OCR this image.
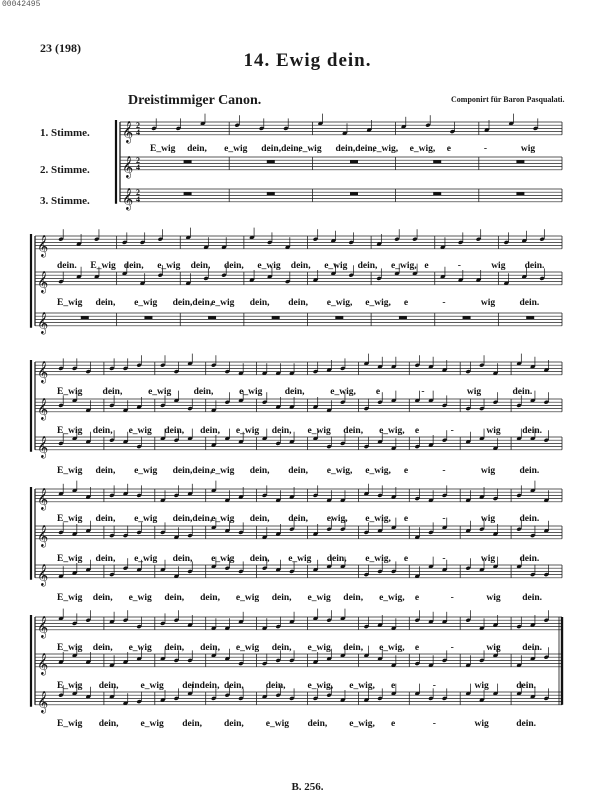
00042495
23 (198)
14. Ewig dein.
Dreistimmiger Canon.	Componirt für Baron Pasqualati.
1. Stimme.
2. Stimme.
3. Stimme.
𝄞 2
4
E_wig dein, e_wig dein,dein,
e_wig dein,dein,
e_wig, e_wig, e	-	wig
𝄞 2
4
𝄞 2
4
𝄞
dein. E_wig dein, e_wig dein, dein, e_wig dein, e_wig dein, e_wig, e	-	wig dein.
𝄞
E_wig dein, e_wig dein,dein,
e_wig dein, dein, e_wig, e_wig, e	-	wig	dein.
𝄞
𝄞
E_wig dein,	e_wig dein,	e_wig dein,	e_wig, e	-	wig	dein.
𝄞
E_wig dein, e_wig dein, dein, e_wig dein, e_wig dein, e_wig, e	-	wig dein.
𝄞
E_wig dein, e_wig dein,dein,
e_wig dein, dein, e_wig, e_wig, e	-	wig	dein.
𝄞
E_wig dein, e_wig dein,dein,
e_wig dein, dein, ewig, e_wig, e	-	wig	dein.
𝄞
E_wig dein, e_wig dein, e_wig dein, e_wig dein, e_wig, e	-	wig	dein.
𝄞
E_wig dein, e_wig dein, dein, e_wig dein, e_wig dein, e_wig, e	-	wig dein.
𝄞
E_wig dein, e_wig dein, dein, e_wig dein, e_wig dein, e_wig, e	-	wig dein.
𝄞
E_wig dein, e_wig deindein, dein, dein, e_wig, e_wig, e	-	wig	dein.
𝄞
E_wig dein, e_wig dein, dein, e_wig dein, e_wig, e	-	wig	dein.
B. 256.
